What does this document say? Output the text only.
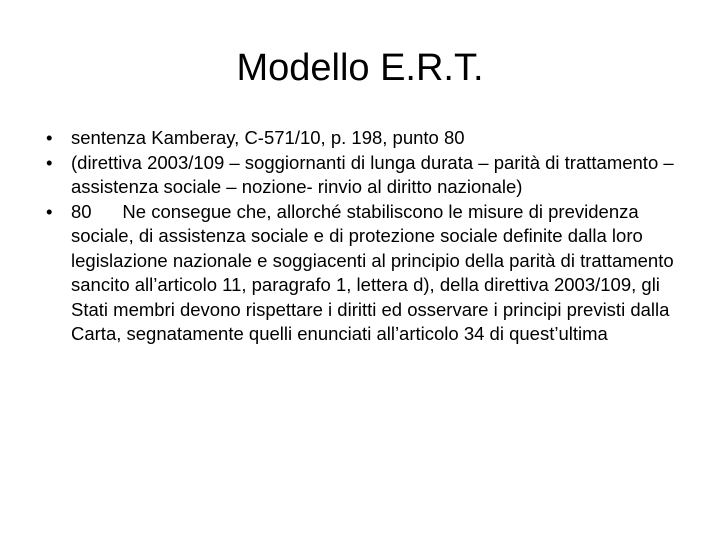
Modello E.R.T.
•	sentenza Kamberay, C-571/10, p. 198, punto 80
•	(direttiva 2003/109 – soggiornanti di lunga durata – parità di trattamento – assistenza sociale – nozione- rinvio al diritto nazionale)
•	80      Ne consegue che, allorché stabiliscono le misure di previdenza sociale, di assistenza sociale e di protezione sociale definite dalla loro legislazione nazionale e soggiacenti al principio della parità di trattamento sancito all’articolo 11, paragrafo 1, lettera d), della direttiva 2003/109, gli Stati membri devono rispettare i diritti ed osservare i principi previsti dalla Carta, segnatamente quelli enunciati all’articolo 34 di quest’ultima
